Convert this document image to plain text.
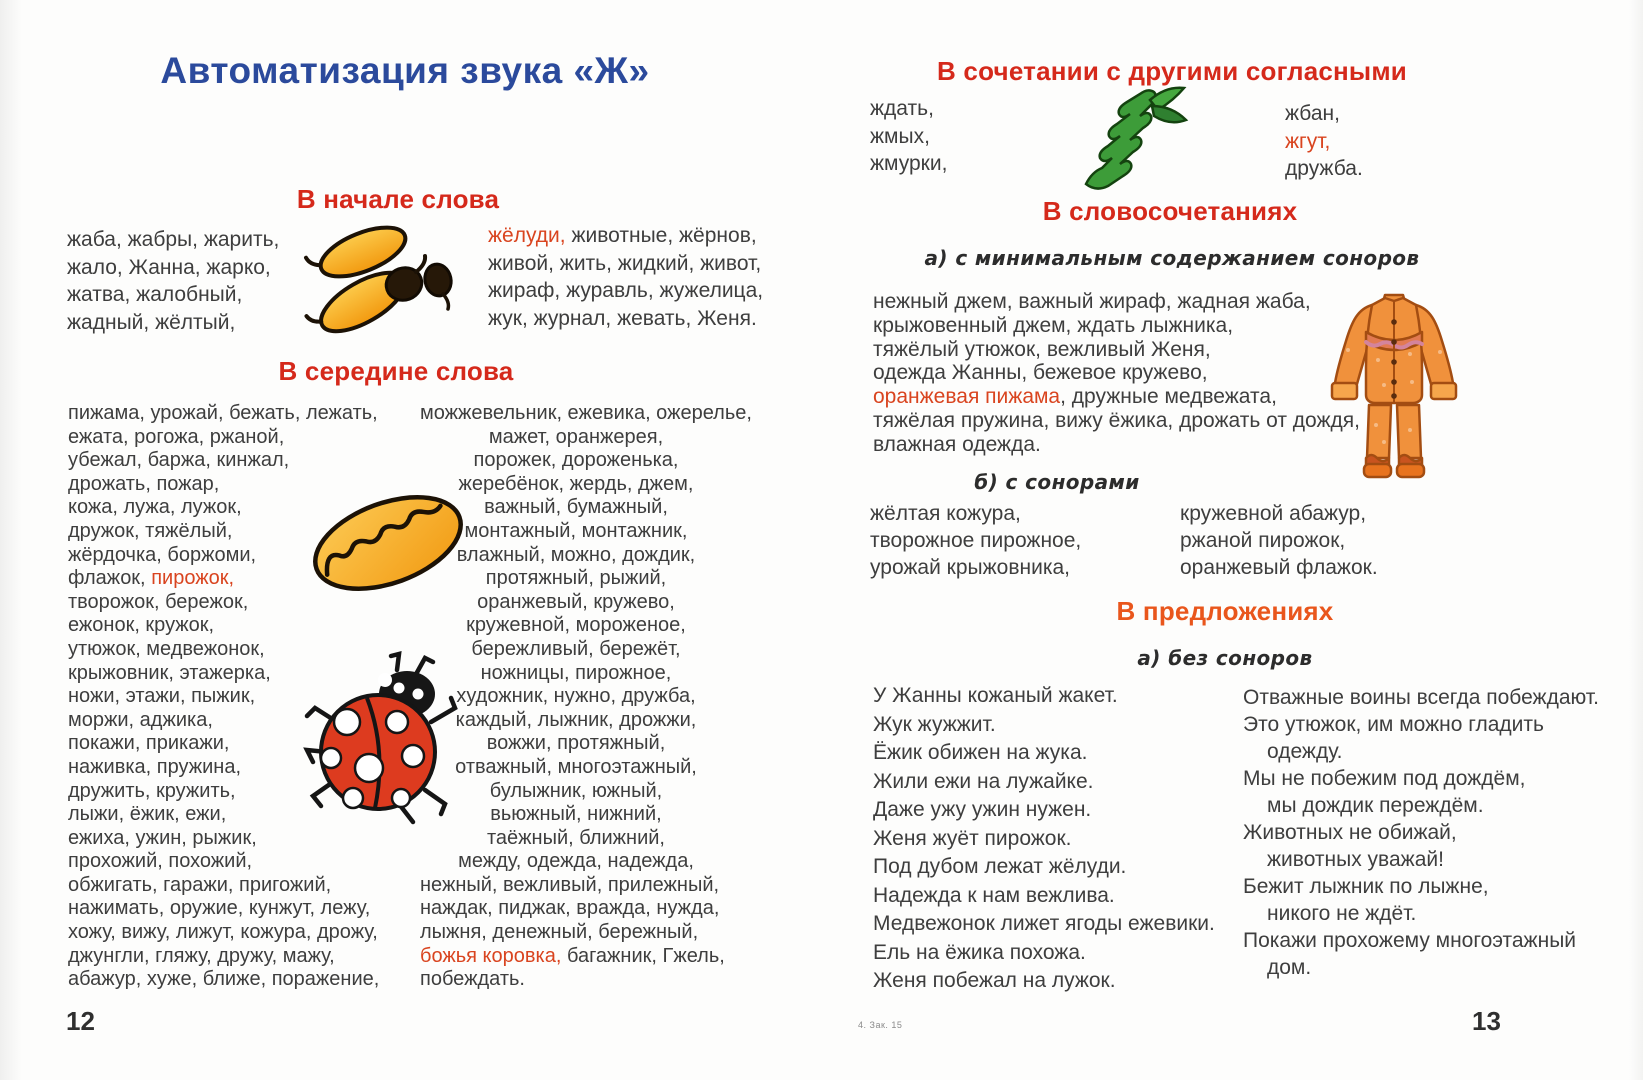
Автоматизация звука «Ж»
В начале слова
жаба, жабры, жарить,
жало, Жанна, жарко,
жатва, жалобный,
жадный, жёлтый,
жёлуди, животные, жёрнов,
живой, жить, жидкий, живот,
жираф, журавль, жужелица,
жук, журнал, жевать, Женя.
В середине слова
пижама, урожай, бежать, лежать,
ежата, рогожа, ржаной,
убежал, баржа, кинжал,
дрожать, пожар,
кожа, лужа, лужок,
дружок, тяжёлый,
жёрдочка, боржоми,
флажок, пирожок,
творожок, бережок,
ежонок, кружок,
утюжок, медвежонок,
крыжовник, этажерка,
ножи, этажи, пыжик,
моржи, аджика,
покажи, прикажи,
наживка, пружина,
дружить, кружить,
лыжи, ёжик, ежи,
ежиха, ужин, рыжик,
прохожий, похожий,
обжигать, гаражи, пригожий,
нажимать, оружие, кунжут, лежу,
хожу, вижу, лижут, кожура, дрожу,
джунгли, гляжу, дружу, мажу,
абажур, хуже, ближе, поражение,
можжевельник, ежевика, ожерелье,
мажет, оранжерея,
порожек, дороженька,
жеребёнок, жердь, джем,
важный, бумажный,
монтажный, монтажник,
влажный, можно, дождик,
протяжный, рыжий,
оранжевый, кружево,
кружевной, мороженое,
бережливый, бережёт,
ножницы, пирожное,
художник, нужно, дружба,
каждый, лыжник, дрожжи,
вожжи, протяжный,
отважный, многоэтажный,
булыжник, южный,
вьюжный, нижний,
таёжный, ближний,
между, одежда, надежда,
нежный, вежливый, прилежный,
наждак, пиджак, вражда, нужда,
лыжня, денежный, бережный,
божья коровка, багажник, Гжель,
побеждать.
12
В сочетании с другими согласными
ждать,
жмых,
жмурки,
жбан,
жгут,
дружба.
В словосочетаниях
а) с минимальным содержанием соноров
нежный джем, важный жираф, жадная жаба,
крыжовенный джем, ждать лыжника,
тяжёлый утюжок, вежливый Женя,
одежда Жанны, бежевое кружево,
оранжевая пижама, дружные медвежата,
тяжёлая пружина, вижу ёжика, дрожать от дождя,
влажная одежда.
б) с сонорами
жёлтая кожура,
творожное пирожное,
урожай крыжовника,
кружевной абажур,
ржаной пирожок,
оранжевый флажок.
В предложениях
а) без соноров
У Жанны кожаный жакет.
Жук жужжит.
Ёжик обижен на жука.
Жили ежи на лужайке.
Даже ужу ужин нужен.
Женя жуёт пирожок.
Под дубом лежат жёлуди.
Надежда к нам вежлива.
Медвежонок лижет ягоды ежевики.
Ель на ёжика похожа.
Женя побежал на лужок.
Отважные воины всегда побеждают.
Это утюжок, им можно гладить
одежду.
Мы не побежим под дождём,
мы дождик переждём.
Животных не обижай,
животных уважай!
Бежит лыжник по лыжне,
никого не ждёт.
Покажи прохожему многоэтажный
дом.
4. Зак. 15	13
